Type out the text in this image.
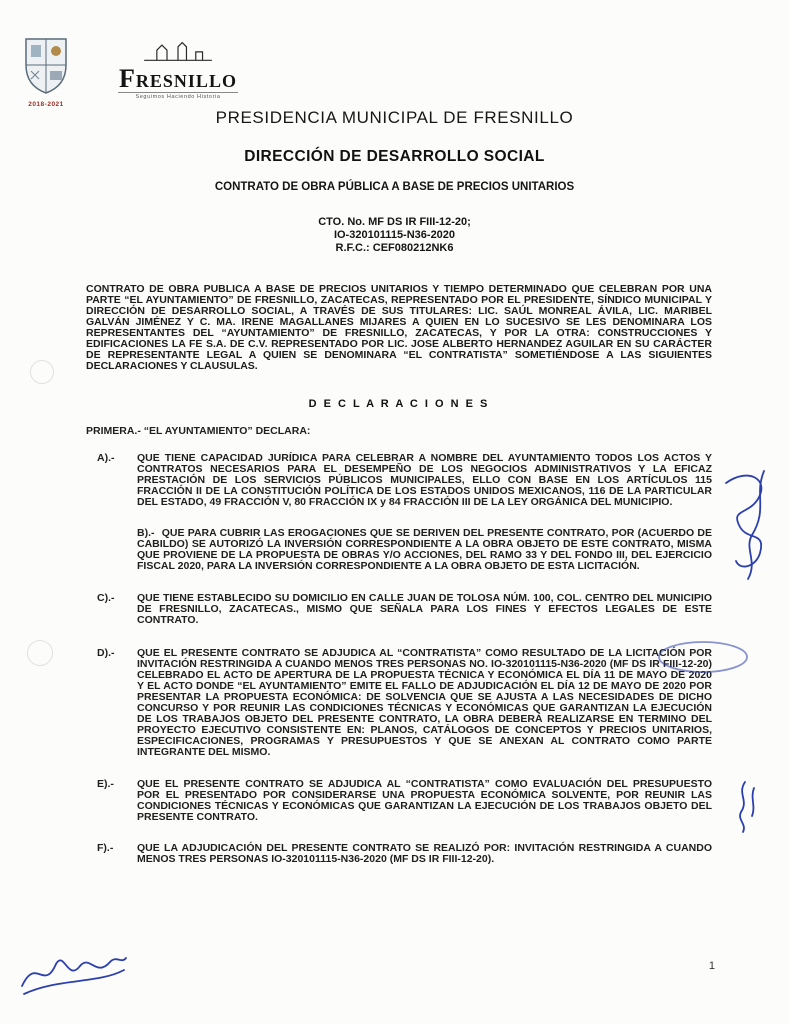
2018-2021
Fresnillo
Seguimos Haciendo Historia
PRESIDENCIA MUNICIPAL DE FRESNILLO
DIRECCIÓN DE DESARROLLO SOCIAL
CONTRATO DE OBRA PÚBLICA A BASE DE PRECIOS UNITARIOS
CTO. No. MF DS IR FIII-12-20;
IO-320101115-N36-2020
R.F.C.: CEF080212NK6

CONTRATO DE OBRA PUBLICA A BASE DE PRECIOS UNITARIOS Y TIEMPO DETERMINADO QUE CELEBRAN POR UNA PARTE “EL AYUNTAMIENTO” DE FRESNILLO, ZACATECAS, REPRESENTADO POR EL PRESIDENTE, SÍNDICO MUNICIPAL Y DIRECCIÓN DE DESARROLLO SOCIAL, A TRAVÉS DE SUS TITULARES: LIC. SAÚL MONREAL ÁVILA, LIC. MARIBEL GALVÁN JIMÉNEZ Y C. MA. IRENE MAGALLANES MIJARES A QUIEN EN LO SUCESIVO SE LES DENOMINARA LOS REPRESENTANTES DEL “AYUNTAMIENTO” DE FRESNILLO, ZACATECAS, Y POR LA OTRA: CONSTRUCCIONES Y EDIFICACIONES LA FE S.A. DE C.V. REPRESENTADO POR LIC. JOSE ALBERTO HERNANDEZ AGUILAR EN SU CARÁCTER DE REPRESENTANTE LEGAL A QUIEN SE DENOMINARA “EL CONTRATISTA” SOMETIÉNDOSE A LAS SIGUIENTES DECLARACIONES Y CLAUSULAS.

D E C L A R A C I O N E S

PRIMERA.- “EL AYUNTAMIENTO” DECLARA:

A).-	QUE TIENE CAPACIDAD JURÍDICA PARA CELEBRAR A NOMBRE DEL AYUNTAMIENTO TODOS LOS ACTOS Y CONTRATOS NECESARIOS PARA EL DESEMPEÑO DE LOS NEGOCIOS ADMINISTRATIVOS Y LA EFICAZ PRESTACIÓN DE LOS SERVICIOS PÚBLICOS MUNICIPALES, ELLO CON BASE EN LOS ARTÍCULOS 115 FRACCIÓN II DE LA CONSTITUCIÓN POLÍTICA DE LOS ESTADOS UNIDOS MEXICANOS, 116 DE LA PARTICULAR DEL ESTADO, 49 FRACCIÓN V, 80 FRACCIÓN IX y 84 FRACCIÓN III DE LA LEY ORGÁNICA DEL MUNICIPIO.

B).- QUE PARA CUBRIR LAS EROGACIONES QUE SE DERIVEN DEL PRESENTE CONTRATO, POR (ACUERDO DE CABILDO) SE AUTORIZÓ LA INVERSIÓN CORRESPONDIENTE A LA OBRA OBJETO DE ESTE CONTRATO, MISMA QUE PROVIENE DE LA PROPUESTA DE OBRAS Y/O ACCIONES, DEL RAMO 33 Y DEL FONDO III, DEL EJERCICIO FISCAL 2020, PARA LA INVERSIÓN CORRESPONDIENTE A LA OBRA OBJETO DE ESTA LICITACIÓN.

C).-	QUE TIENE ESTABLECIDO SU DOMICILIO EN CALLE JUAN DE TOLOSA NÚM. 100, COL. CENTRO DEL MUNICIPIO DE FRESNILLO, ZACATECAS., MISMO QUE SEÑALA PARA LOS FINES Y EFECTOS LEGALES DE ESTE CONTRATO.

D).-	QUE EL PRESENTE CONTRATO SE ADJUDICA AL “CONTRATISTA” COMO RESULTADO DE LA LICITACIÓN POR INVITACIÓN RESTRINGIDA A CUANDO MENOS TRES PERSONAS NO. IO-320101115-N36-2020 (MF DS IR FIII-12-20) CELEBRADO EL ACTO DE APERTURA DE LA PROPUESTA TÉCNICA Y ECONÓMICA EL DÍA 11 DE MAYO DE 2020 Y EL ACTO DONDE “EL AYUNTAMIENTO” EMITE EL FALLO DE ADJUDICACIÓN EL DÍA 12 DE MAYO DE 2020 POR PRESENTAR LA PROPUESTA ECONÓMICA: DE SOLVENCIA QUE SE AJUSTA A LAS NECESIDADES DE DICHO CONCURSO Y POR REUNIR LAS CONDICIONES TÉCNICAS Y ECONÓMICAS QUE GARANTIZAN LA EJECUCIÓN DE LOS TRABAJOS OBJETO DEL PRESENTE CONTRATO, LA OBRA DEBERÁ REALIZARSE EN TERMINO DEL PROYECTO EJECUTIVO CONSISTENTE EN: PLANOS, CATÁLOGOS DE CONCEPTOS Y PRECIOS UNITARIOS, ESPECIFICACIONES, PROGRAMAS Y PRESUPUESTOS Y QUE SE ANEXAN AL CONTRATO COMO PARTE INTEGRANTE DEL MISMO.

E).-	QUE EL PRESENTE CONTRATO SE ADJUDICA AL “CONTRATISTA” COMO EVALUACIÓN DEL PRESUPUESTO POR EL PRESENTADO POR CONSIDERARSE UNA PROPUESTA ECONÓMICA SOLVENTE, POR REUNIR LAS CONDICIONES TÉCNICAS Y ECONÓMICAS QUE GARANTIZAN LA EJECUCIÓN DE LOS TRABAJOS OBJETO DEL PRESENTE CONTRATO.

F).-	QUE LA ADJUDICACIÓN DEL PRESENTE CONTRATO SE REALIZÓ POR: INVITACIÓN RESTRINGIDA A CUANDO MENOS TRES PERSONAS IO-320101115-N36-2020 (MF DS IR FIII-12-20).

1
